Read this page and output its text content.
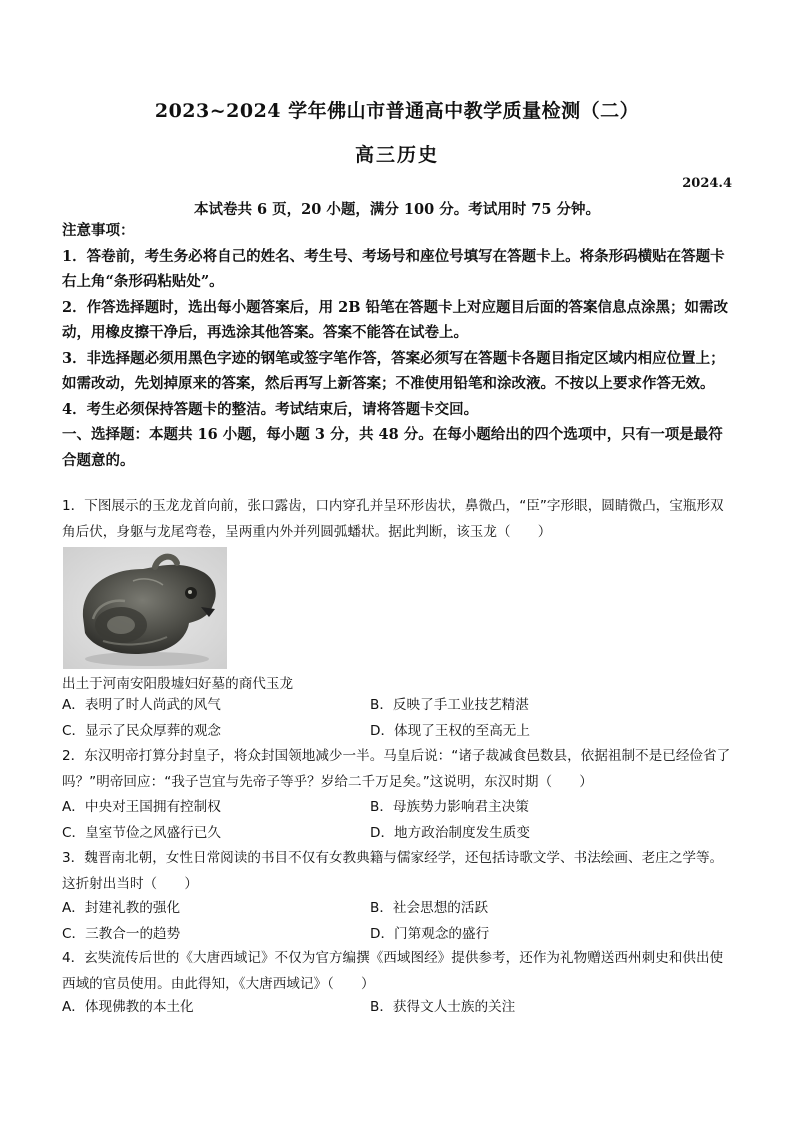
2023~2024 学年佛山市普通高中教学质量检测（二）
高三历史
2024.4
本试卷共 6 页，20 小题，满分 100 分。考试用时 75 分钟。
注意事项：
1．答卷前，考生务必将自己的姓名、考生号、考场号和座位号填写在答题卡上。将条形码横贴在答题卡右上角“条形码粘贴处”。
2．作答选择题时，选出每小题答案后，用 2B 铅笔在答题卡上对应题目后面的答案信息点涂黑；如需改动，用橡皮擦干净后，再选涂其他答案。答案不能答在试卷上。
3．非选择题必须用黑色字迹的钢笔或签字笔作答，答案必须写在答题卡各题目指定区域内相应位置上；如需改动，先划掉原来的答案，然后再写上新答案；不准使用铅笔和涂改液。不按以上要求作答无效。
4．考生必须保持答题卡的整洁。考试结束后，请将答题卡交回。
一、选择题：本题共 16 小题，每小题 3 分，共 48 分。在每小题给出的四个选项中，只有一项是最符合题意的。
1．下图展示的玉龙龙首向前，张口露齿，口内穿孔并呈环形齿状，鼻微凸，“臣”字形眼，圆睛微凸，宝瓶形双角后伏，身躯与龙尾弯卷，呈两重内外并列圆弧蟠状。据此判断，该玉龙（　　）
出土于河南安阳殷墟妇好墓的商代玉龙
A．表明了时人尚武的风气	B．反映了手工业技艺精湛
C．显示了民众厚葬的观念	D．体现了王权的至高无上
2．东汉明帝打算分封皇子，将众封国领地减少一半。马皇后说：“诸子裁减食邑数县，依据祖制不是已经俭省了吗？”明帝回应：“我子岂宜与先帝子等乎？岁给二千万足矣。”这说明，东汉时期（　　）
A．中央对王国拥有控制权	B．母族势力影响君主决策
C．皇室节俭之风盛行已久	D．地方政治制度发生质变
3．魏晋南北朝，女性日常阅读的书目不仅有女教典籍与儒家经学，还包括诗歌文学、书法绘画、老庄之学等。这折射出当时（　　）
A．封建礼教的强化	B．社会思想的活跃
C．三教合一的趋势	D．门第观念的盛行
4．玄奘流传后世的《大唐西域记》不仅为官方编撰《西域图经》提供参考，还作为礼物赠送西州刺史和供出使西域的官员使用。由此得知，《大唐西域记》（　　）
A．体现佛教的本土化	B．获得文人士族的关注
